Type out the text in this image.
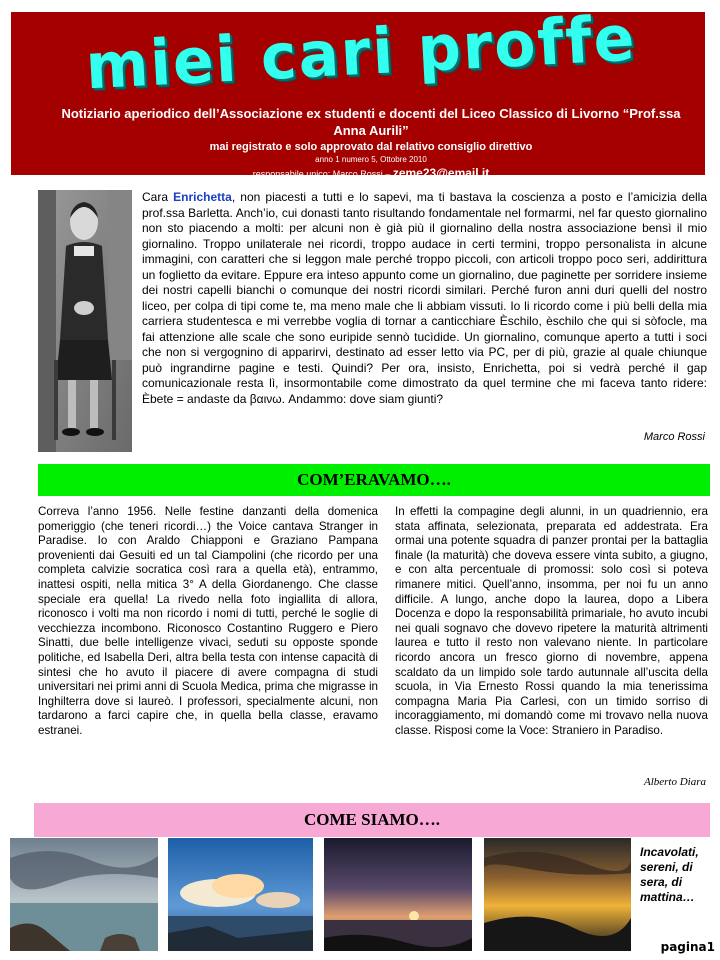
miei cari proffe
Notiziario aperiodico dell’Associazione ex studenti e docenti del Liceo Classico di Livorno “Prof.ssa Anna Aurili”
mai registrato e solo approvato dal relativo consiglio direttivo
anno 1 numero 5, Ottobre 2010
responsabile unico: Marco Rossi – zeme23@email.it
Cara Enrichetta, non piacesti a tutti e lo sapevi, ma ti bastava la coscienza a posto e l’amicizia della prof.ssa Barletta. Anch’io, cui donasti tanto risultando fondamentale nel formarmi, nel far questo giornalino non sto piacendo a molti: per alcuni non è già più il giornalino della nostra associazione bensì il mio giornalino. Troppo unilaterale nei ricordi, troppo audace in certi termini, troppo personalista in alcune immagini, con caratteri che si leggon male perché troppo piccoli, con articoli troppo poco seri, addirittura un foglietto da evitare. Eppure era inteso appunto come un giornalino, due paginette per sorridere insieme dei nostri capelli bianchi o comunque dei nostri ricordi similari. Perché furon anni duri quelli del nostro liceo, per colpa di tipi come te, ma meno male che li abbiam vissuti. Io li ricordo come i più belli della mia carriera studentesca e mi verrebbe voglia di tornar a canticchiare Èschilo, èschilo che qui si sòfocle, ma fai attenzione alle scale che sono euripide sennò tucìdide. Un giornalino, comunque aperto a tutti i soci che non si vergognino di apparirvi, destinato ad esser letto via PC, per di più, grazie al quale chiunque può ingrandirne pagine e testi. Quindi? Per ora, insisto, Enrichetta, poi si vedrà perché il gap comunicazionale resta lì, insormontabile come dimostrato da quel termine che mi faceva tanto ridere: Èbete = andaste da βαινω. Andammo: dove siam giunti?
Marco Rossi
COM’ERAVAMO….
Correva l’anno 1956. Nelle festine danzanti della domenica pomeriggio (che teneri ricordi…) the Voice cantava Stranger in Paradise. Io con Araldo Chiapponi e Graziano Pampana provenienti dai Gesuiti ed un tal Ciampolini (che ricordo per una completa calvizie socratica così rara a quella età), entrammo, inattesi ospiti, nella mitica 3° A della Giordanengo. Che classe speciale era quella! La rivedo nella foto ingiallita di allora, riconosco i volti ma non ricordo i nomi di tutti, perché le soglie di vecchiezza incombono. Riconosco Costantino Ruggero e Piero Sinatti, due belle intelligenze vivaci, seduti su opposte sponde politiche, ed Isabella Deri, altra bella testa con intense capacità di sintesi che ho avuto il piacere di avere compagna di studi universitari nei primi anni di Scuola Medica, prima che migrasse in Inghilterra dove si laureò. I professori, specialmente alcuni, non tardarono a farci capire che, in quella bella classe, eravamo estranei.
In effetti la compagine degli alunni, in un quadriennio, era stata affinata, selezionata, preparata ed addestrata. Era ormai una potente squadra di panzer prontai per la battaglia finale (la maturità) che doveva essere vinta subito, a giugno, e con alta percentuale di promossi: solo così si poteva rimanere mitici. Quell’anno, insomma, per noi fu un anno difficile. A lungo, anche dopo la laurea, dopo a Libera Docenza e dopo la responsabilità primariale, ho avuto incubi nei quali sognavo che dovevo ripetere la maturità altrimenti laurea e tutto il resto non valevano niente. In particolare ricordo ancora un fresco giorno di novembre, appena scaldato da un limpido sole tardo autunnale all’uscita della scuola, in Via Ernesto Rossi quando la mia tenerissima compagna Maria Pia Carlesi, con un timido sorriso di incoraggiamento, mi domandò come mi trovavo nella nuova classe. Risposi come la Voce: Straniero in Paradiso.
Alberto Diara
COME SIAMO….
Incavolati, sereni, di sera, di mattina…
pagina1
